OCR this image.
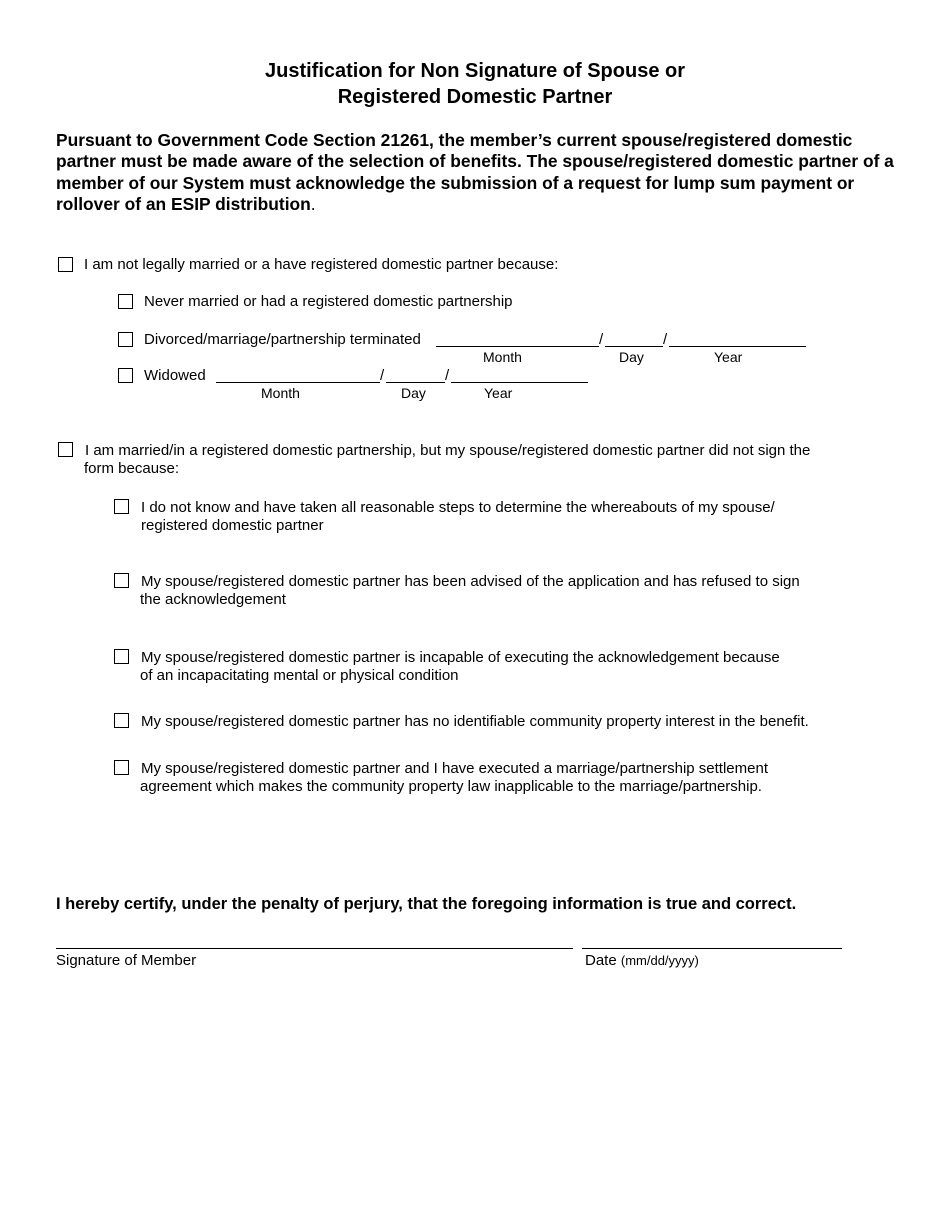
Justification for Non Signature of Spouse or
Registered Domestic Partner
Pursuant to Government Code Section 21261, the member’s current spouse/registered domestic partner must be made aware of the selection of benefits. The spouse/registered domestic partner of a member of our System must acknowledge the submission of a request for lump sum payment or rollover of an ESIP distribution.
I am not legally married or a have registered domestic partner because:
Never married or had a registered domestic partnership
Divorced/marriage/partnership terminated	/	/
Month	Day	Year
Widowed	/	/
Month	Day	Year
I am married/in a registered domestic partnership, but my spouse/registered domestic partner did not sign the
form because:
I do not know and have taken all reasonable steps to determine the whereabouts of my spouse/
registered domestic partner
My spouse/registered domestic partner has been advised of the application and has refused to sign
the acknowledgement
My spouse/registered domestic partner is incapable of executing the acknowledgement because
of an incapacitating mental or physical condition
My spouse/registered domestic partner has no identifiable community property interest in the benefit.
My spouse/registered domestic partner and I have executed a marriage/partnership settlement
agreement which makes the community property law inapplicable to the marriage/partnership.
I hereby certify, under the penalty of perjury, that the foregoing information is true and correct.
Signature of Member	Date (mm/dd/yyyy)
